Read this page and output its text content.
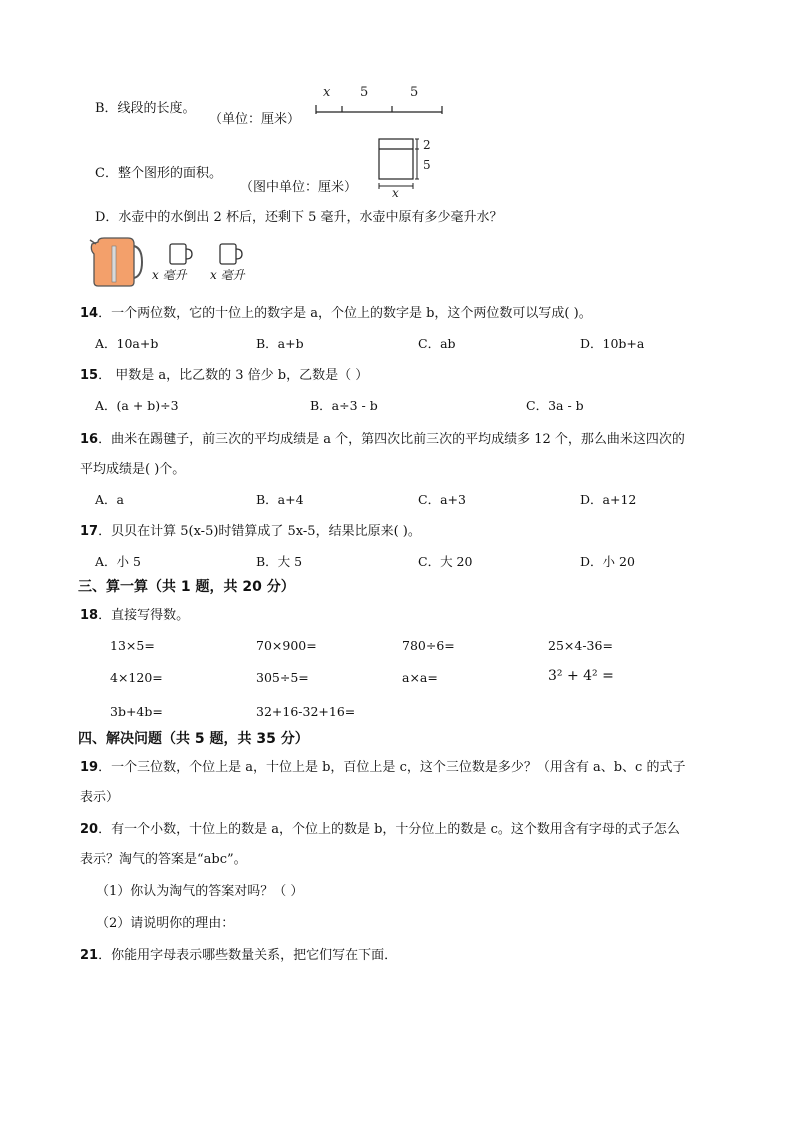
B．线段的长度。
（单位：厘米）
x 5	5
C．整个图形的面积。
（图中单位：厘米）
2
5
x
D．水壶中的水倒出 2 杯后，还剩下 5 毫升，水壶中原有多少毫升水？
x 毫升 x 毫升
14．一个两位数，它的十位上的数字是 a，个位上的数字是 b，这个两位数可以写成( )。
A．10a+b	B．a+b	C．ab	D．10b+a
15． 甲数是 a，比乙数的 3 倍少 b，乙数是（ ）
A．(a + b)÷3	B．a÷3 - b	C．3a - b
16．曲米在踢毽子，前三次的平均成绩是 a 个，第四次比前三次的平均成绩多 12 个，那么曲米这四次的
平均成绩是( )个。
A．a	B．a+4	C．a+3	D．a+12
17．贝贝在计算 5(x-5)时错算成了 5x-5，结果比原来( )。
A．小 5	B．大 5	C．大 20	D．小 20
三、算一算（共 1 题，共 20 分）
18．直接写得数。
13×5=	70×900=	780÷6=	25×4-36=
4×120=	305÷5=	a×a=	3² + 4² =
3b+4b=	32+16-32+16=
四、解决问题（共 5 题，共 35 分）
19．一个三位数，个位上是 a，十位上是 b，百位上是 c，这个三位数是多少？（用含有 a、b、c 的式子
表示）
20．有一个小数，十位上的数是 a，个位上的数是 b，十分位上的数是 c。这个数用含有字母的式子怎么
表示？淘气的答案是“abc”。
（1）你认为淘气的答案对吗？（ ）
（2）请说明你的理由：
21．你能用字母表示哪些数量关系，把它们写在下面．
